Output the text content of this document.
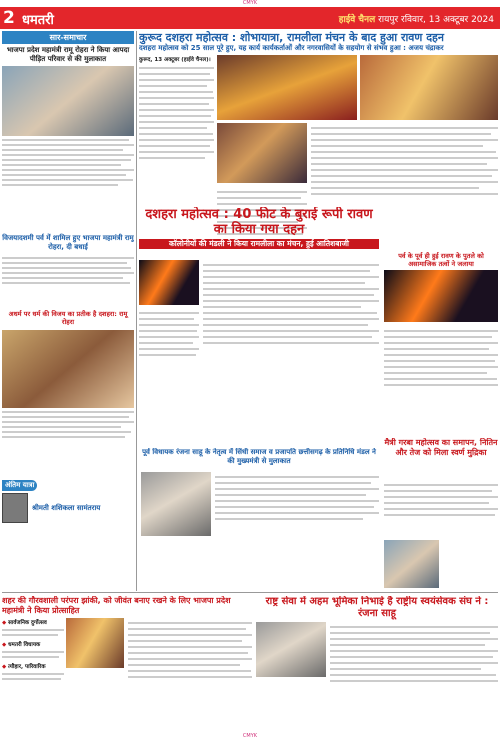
CMYK
2 धमतरी	हाईवे चैनल रायपुर रविवार, 13 अक्टूबर 2024
सार-समाचार
भाजपा प्रदेश महामंत्री रामू रोहरा ने किया आपदा पीड़ित परिवार से की मुलाकात
विजयादशमी पर्व में शामिल हुए भाजपा महामंत्री रामू रोहरा, दी बधाई
अधर्म पर धर्म की विजय का प्रतीक है दशहरा: रामू रोहरा
अंतिम यात्रा
श्रीमती शशिकला सामंतराय
कुरूद दशहरा महोत्सव : शोभायात्रा, रामलीला मंचन के बाद हुआ रावण दहन
दशहरा महोत्सव को 25 साल पूरे हुए, यह कार्य कार्यकर्ताओं और नगरवासियों के सहयोग से संभव हुआ : अजय चंद्राकर
कुरूद, 13 अक्टूबर (हाईवे चैनल)।
दशहरा महोत्सव : 40 फीट के बुराई रूपी रावण का किया गया दहन
कॉलोनीयों की मंडली ने किया रामलीला का मंचन, हुई आतिशबाजी
पर्व के पूर्व ही हुई रावण के पुतले को असामाजिक तत्वों ने जलाया
पूर्व विधायक रंजना साहू के नेतृत्व में सिंधी समाज व प्रजापति छत्तीसगढ़ के प्रतिनिधि मंडल ने की मुख्यमंत्री से मुलाकात
मैत्री गरबा महोत्सव का समापन, नितिन और तेज को मिला स्वर्ण मुद्रिका
शहर की गौरवशाली परंपरा झांकी, को जीवंत बनाए रखने के लिए भाजपा प्रदेश महामंत्री ने किया प्रोत्साहित
◆ सार्वजनिक दुर्गोत्सव
◆ धमतरी विधायक
◆ त्यौहार, पारिवारिक
राष्ट्र सेवा में अहम भूमिका निभाई है राष्ट्रीय स्वयंसेवक संघ ने : रंजना साहू
CMYK
